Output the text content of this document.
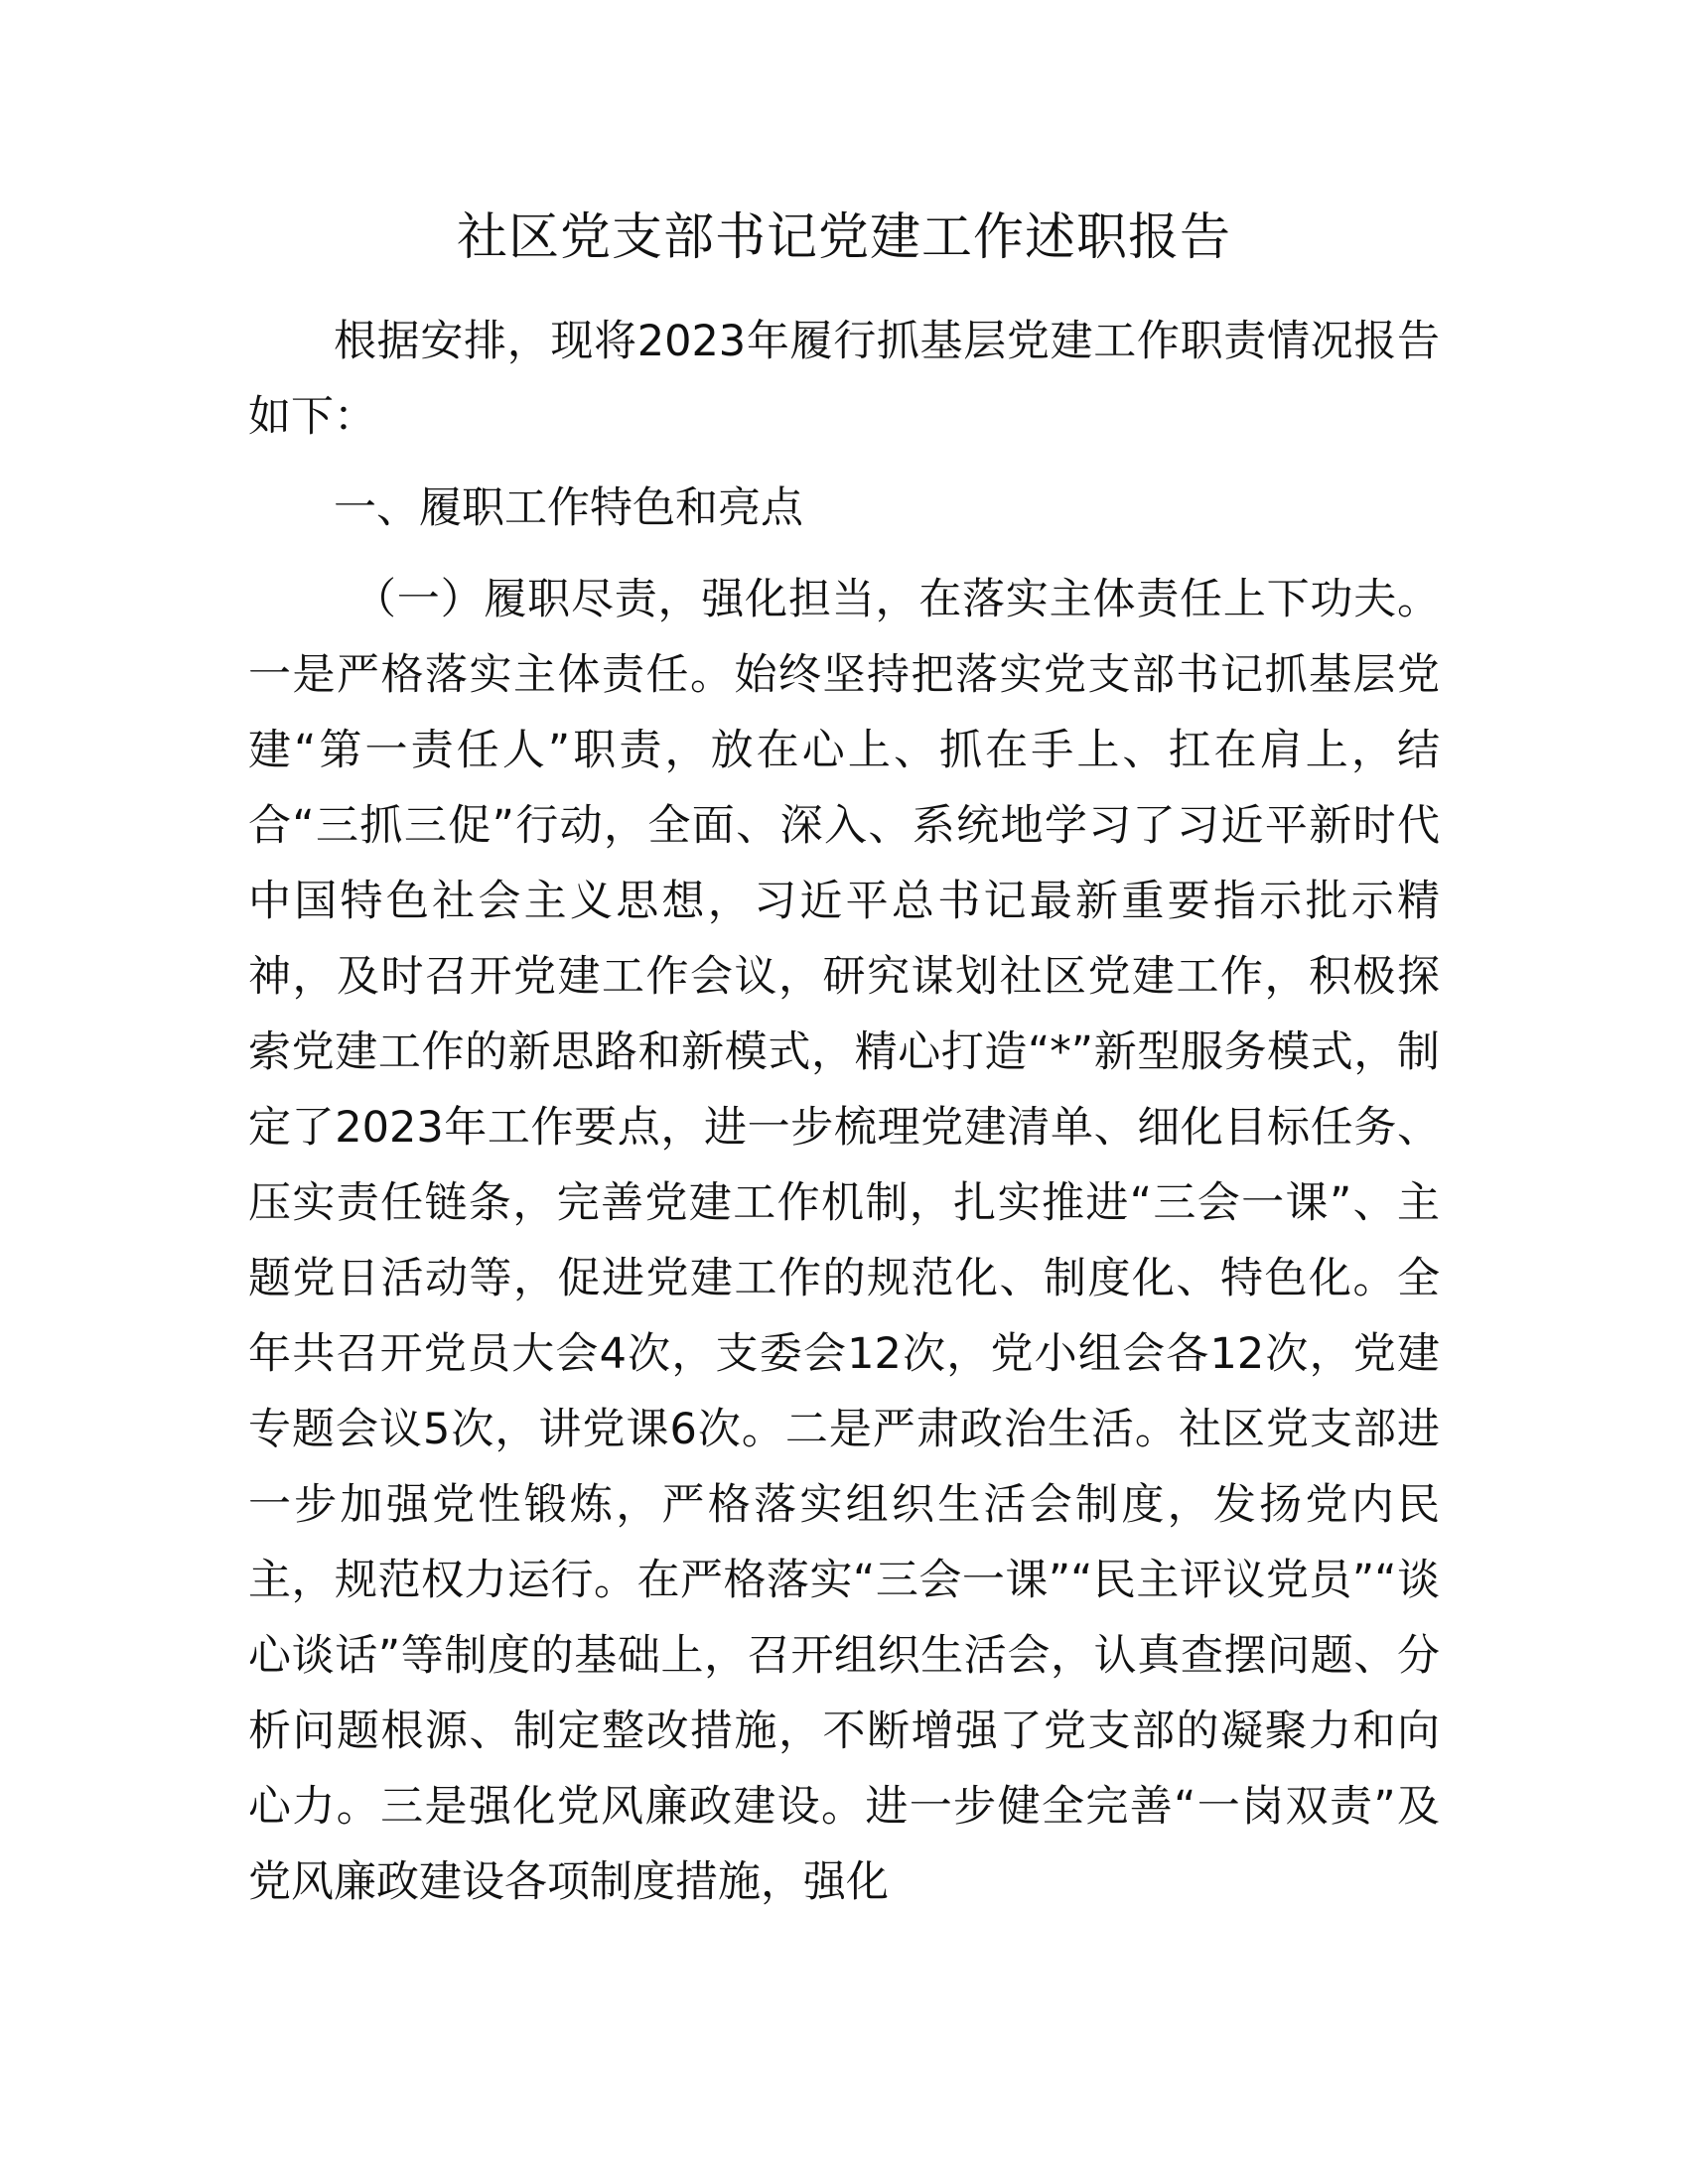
社区党支部书记党建工作述职报告

根据安排，现将2023年履行抓基层党建工作职责情况报告如下：

一、履职工作特色和亮点

（一）履职尽责，强化担当，在落实主体责任上下功夫。一是严格落实主体责任。始终坚持把落实党支部书记抓基层党建“第一责任人”职责，放在心上、抓在手上、扛在肩上，结合“三抓三促”行动，全面、深入、系统地学习了习近平新时代中国特色社会主义思想，习近平总书记最新重要指示批示精神，及时召开党建工作会议，研究谋划社区党建工作，积极探索党建工作的新思路和新模式，精心打造“*”新型服务模式，制定了2023年工作要点，进一步梳理党建清单、细化目标任务、压实责任链条，完善党建工作机制，扎实推进“三会一课”、主题党日活动等，促进党建工作的规范化、制度化、特色化。全年共召开党员大会4次，支委会12次，党小组会各12次，党建专题会议5次，讲党课6次。二是严肃政治生活。社区党支部进一步加强党性锻炼，严格落实组织生活会制度，发扬党内民主，规范权力运行。在严格落实“三会一课”“民主评议党员”“谈心谈话”等制度的基础上，召开组织生活会，认真查摆问题、分析问题根源、制定整改措施，不断增强了党支部的凝聚力和向心力。三是强化党风廉政建设。进一步健全完善“一岗双责”及党风廉政建设各项制度措施，强化
